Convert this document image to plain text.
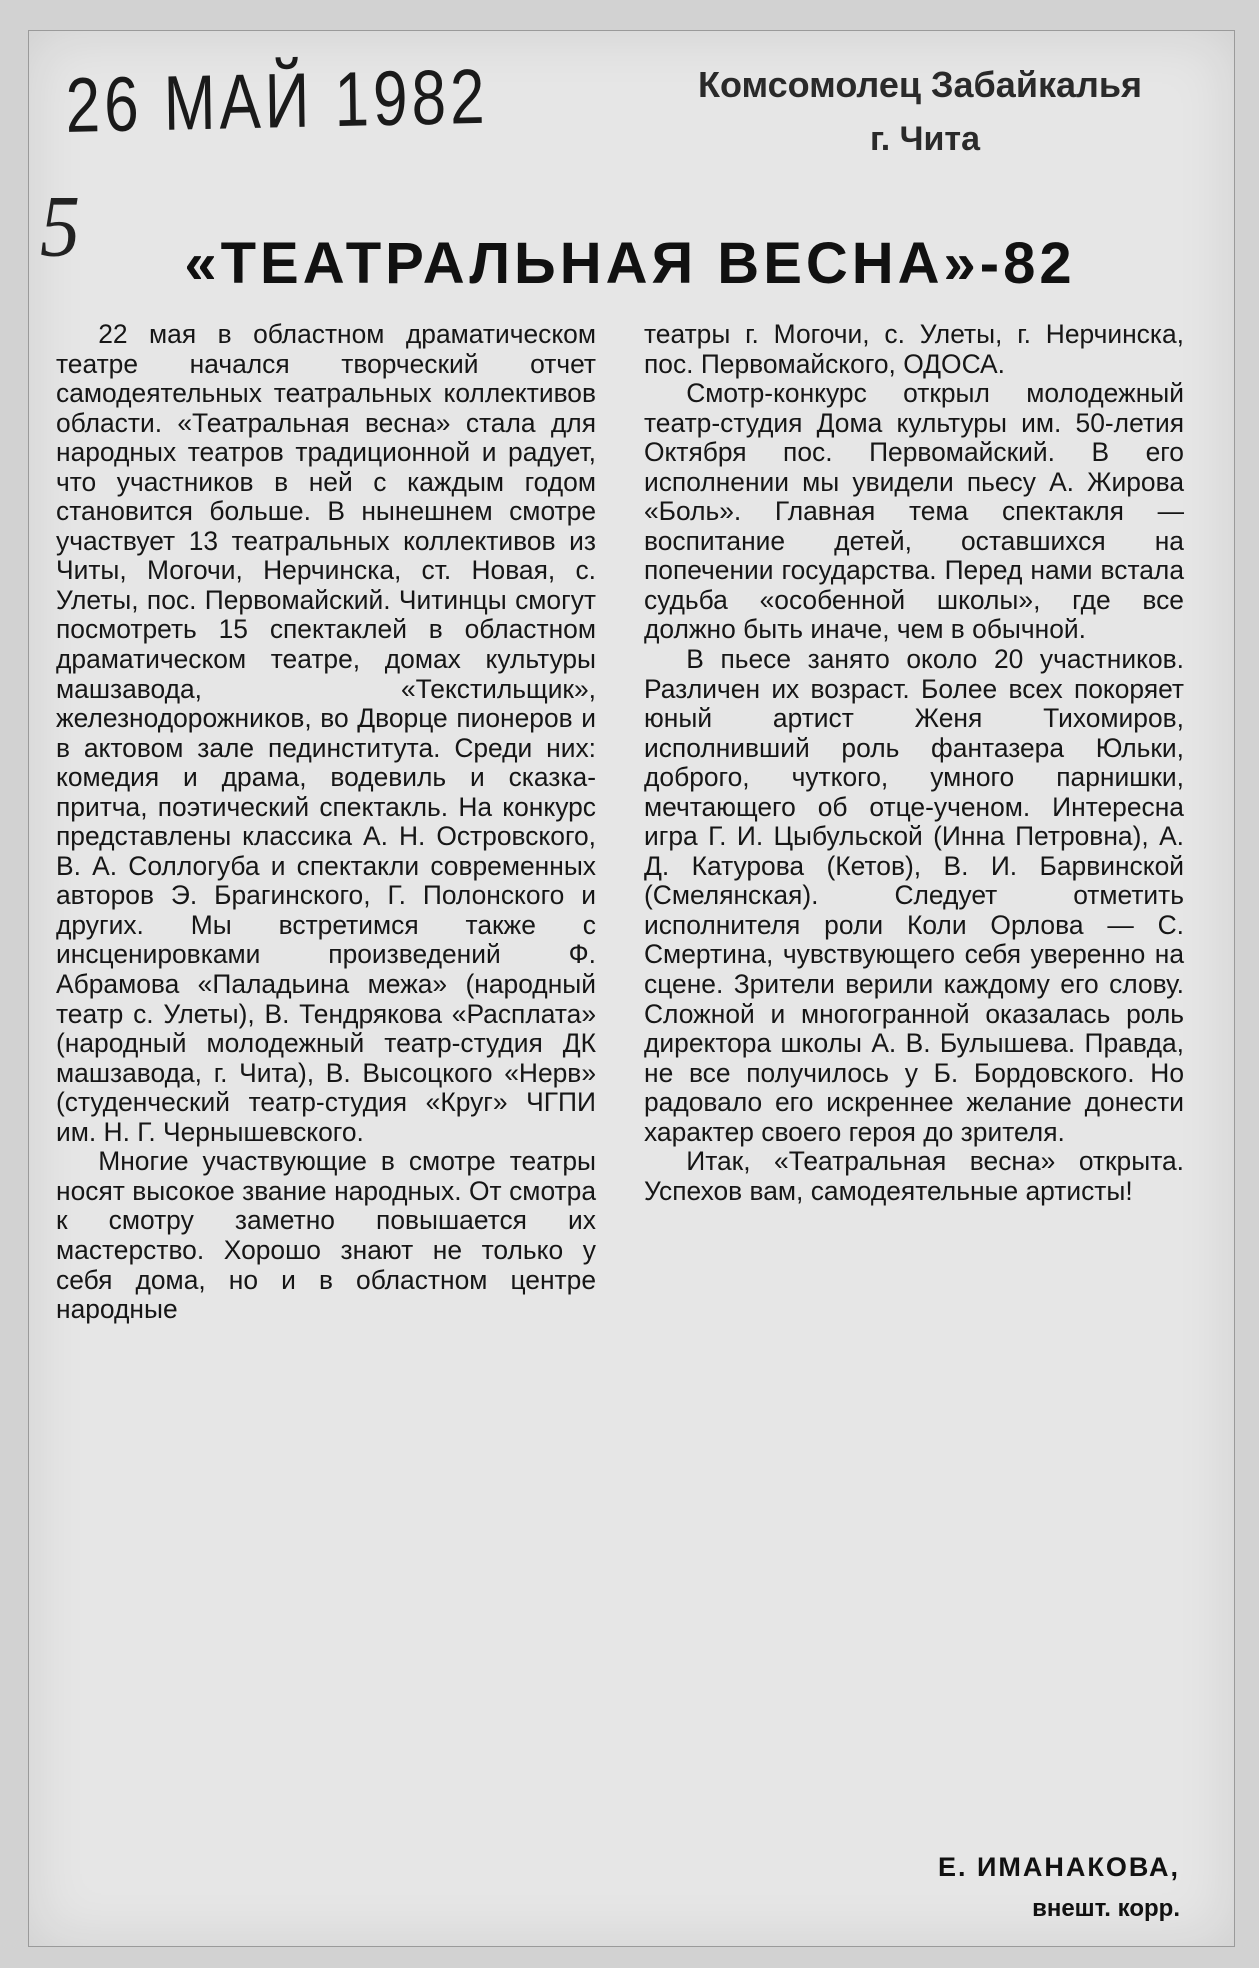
26 МАЙ 1982
5
Комсомолец Забайкалья
г. Чита
«ТЕАТРАЛЬНАЯ ВЕСНА»-82

22 мая в областном драматическом театре начался творческий отчет самодеятельных театральных коллективов области. «Театральная весна» стала для народных театров традиционной и радует, что участников в ней с каждым годом становится больше. В нынешнем смотре участвует 13 театральных коллективов из Читы, Могочи, Нерчинска, ст. Новая, с. Улеты, пос. Первомайский. Читинцы смогут посмотреть 15 спектаклей в областном драматическом театре, домах культуры машзавода, «Текстильщик», железнодорожников, во Дворце пионеров и в актовом зале пединститута. Среди них: комедия и драма, водевиль и сказка-притча, поэтический спектакль. На конкурс представлены классика А. Н. Островского, В. А. Соллогуба и спектакли современных авторов Э. Брагинского, Г. Полонского и других. Мы встретимся также с инсценировками произведений Ф. Абрамова «Паладьина межа» (народный театр с. Улеты), В. Тендрякова «Расплата» (народный молодежный театр-студия ДК машзавода, г. Чита), В. Высоцкого «Нерв» (студенческий театр-студия «Круг» ЧГПИ им. Н. Г. Чернышевского.

Многие участвующие в смотре театры носят высокое звание народных. От смотра к смотру заметно повышается их мастерство. Хорошо знают не только у себя дома, но и в областном центре народные

театры г. Могочи, с. Улеты, г. Нерчинска, пос. Первомайского, ОДОСА.

Смотр-конкурс открыл молодежный театр-студия Дома культуры им. 50-летия Октября пос. Первомайский. В его исполнении мы увидели пьесу А. Жирова «Боль». Главная тема спектакля — воспитание детей, оставшихся на попечении государства. Перед нами встала судьба «особенной школы», где все должно быть иначе, чем в обычной.

В пьесе занято около 20 участников. Различен их возраст. Более всех покоряет юный артист Женя Тихомиров, исполнивший роль фантазера Юльки, доброго, чуткого, умного парнишки, мечтающего об отце-ученом. Интересна игра Г. И. Цыбульской (Инна Петровна), А. Д. Катурова (Кетов), В. И. Барвинской (Смелянская). Следует отметить исполнителя роли Коли Орлова — С. Смертина, чувствующего себя уверенно на сцене. Зрители верили каждому его слову. Сложной и многогранной оказалась роль директора школы А. В. Булышева. Правда, не все получилось у Б. Бордовского. Но радовало его искреннее желание донести характер своего героя до зрителя.

Итак, «Театральная весна» открыта. Успехов вам, самодеятельные артисты!

Е. ИМАНАКОВА,
внешт. корр.
